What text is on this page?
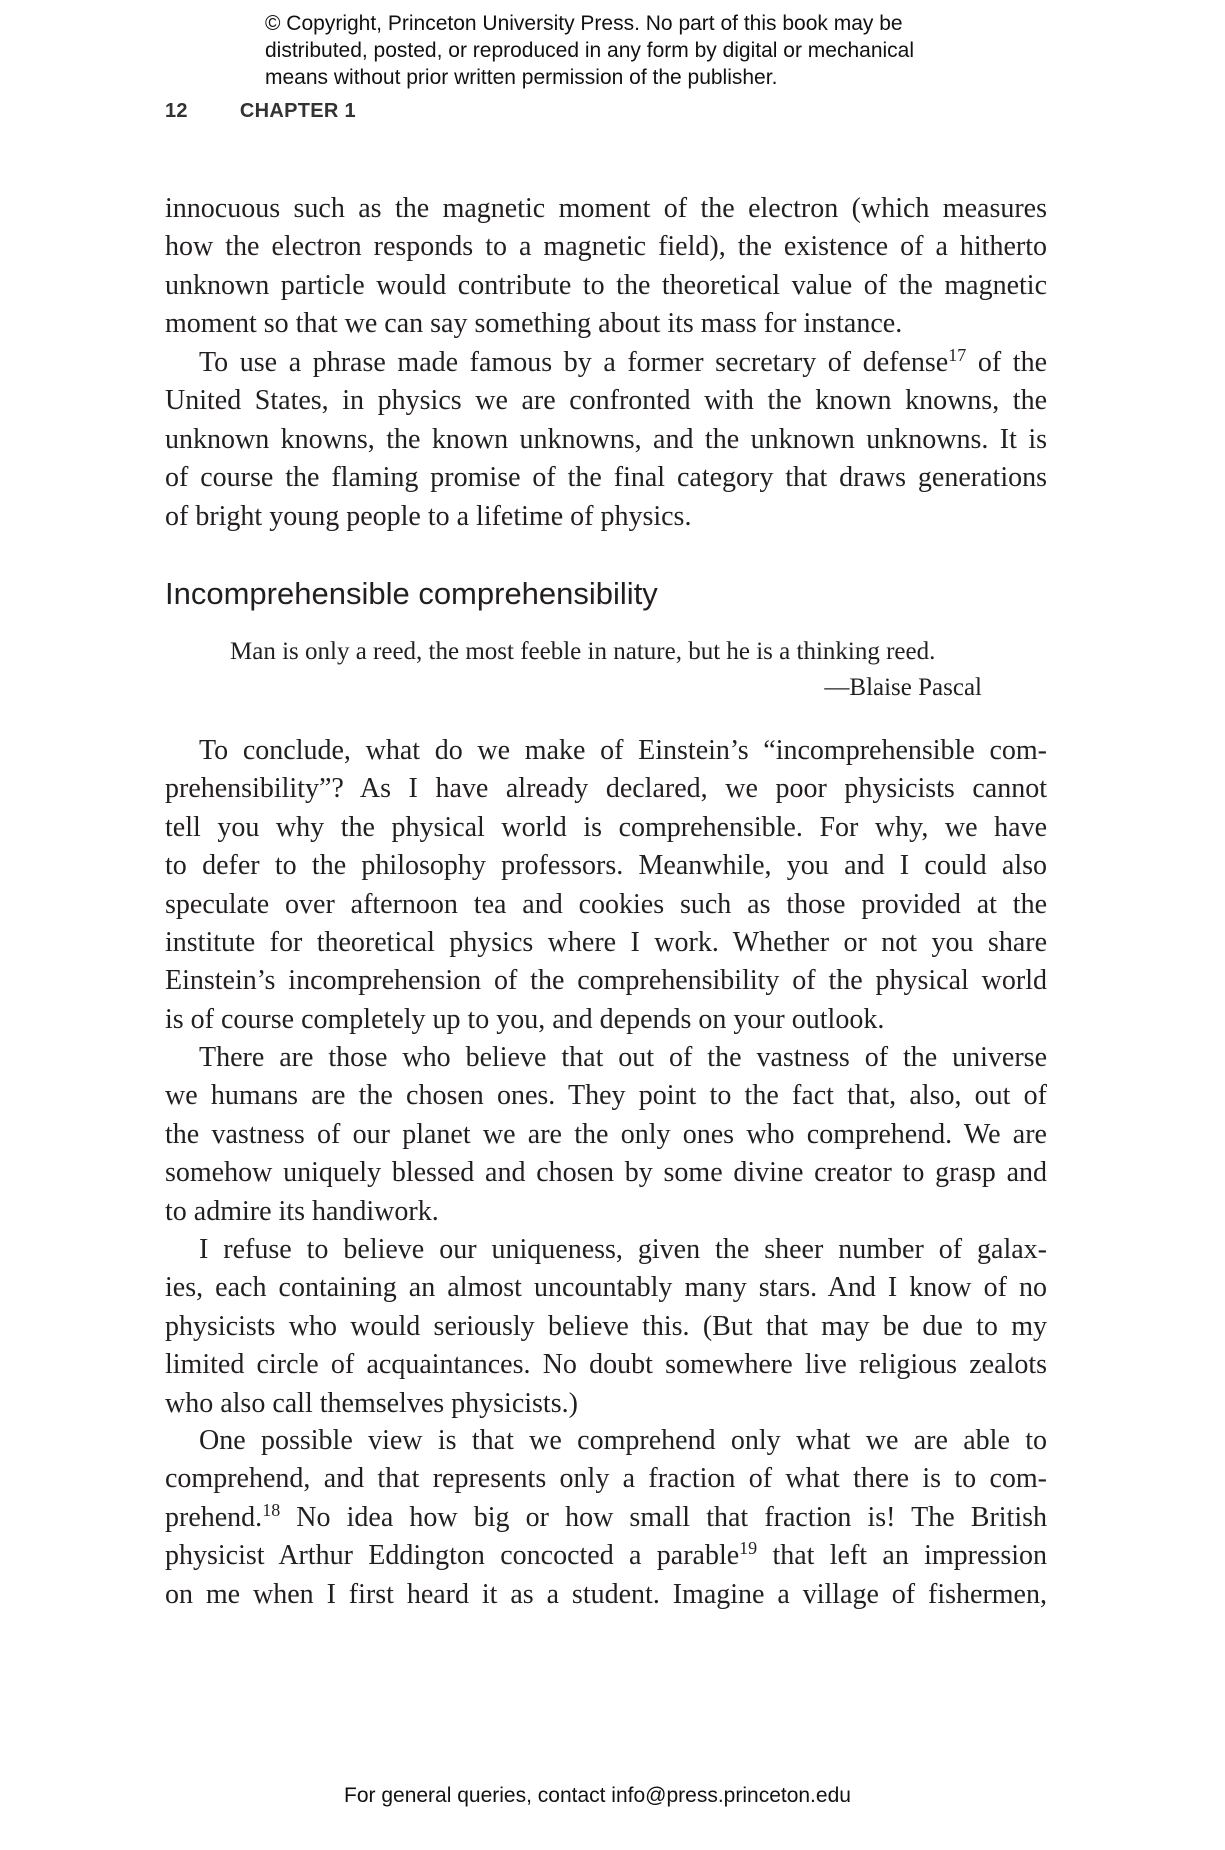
© Copyright, Princeton University Press. No part of this book may be
distributed, posted, or reproduced in any form by digital or mechanical
means without prior written permission of the publisher.
12	CHAPTER 1
innocuous such as the magnetic moment of the electron (which measures
how the electron responds to a magnetic field), the existence of a hitherto
unknown particle would contribute to the theoretical value of the magnetic
moment so that we can say something about its mass for instance.
To use a phrase made famous by a former secretary of defense$^{17}$ of the
United States, in physics we are confronted with the known knowns, the
unknown knowns, the known unknowns, and the unknown unknowns. It is
of course the flaming promise of the final category that draws generations
of bright young people to a lifetime of physics.
Incomprehensible comprehensibility
Man is only a reed, the most feeble in nature, but he is a thinking reed.
—Blaise Pascal
To conclude, what do we make of Einstein’s “incomprehensible com-
prehensibility”? As I have already declared, we poor physicists cannot
tell you why the physical world is comprehensible. For why, we have
to defer to the philosophy professors. Meanwhile, you and I could also
speculate over afternoon tea and cookies such as those provided at the
institute for theoretical physics where I work. Whether or not you share
Einstein’s incomprehension of the comprehensibility of the physical world
is of course completely up to you, and depends on your outlook.
There are those who believe that out of the vastness of the universe
we humans are the chosen ones. They point to the fact that, also, out of
the vastness of our planet we are the only ones who comprehend. We are
somehow uniquely blessed and chosen by some divine creator to grasp and
to admire its handiwork.
I refuse to believe our uniqueness, given the sheer number of galax-
ies, each containing an almost uncountably many stars. And I know of no
physicists who would seriously believe this. (But that may be due to my
limited circle of acquaintances. No doubt somewhere live religious zealots
who also call themselves physicists.)
One possible view is that we comprehend only what we are able to
comprehend, and that represents only a fraction of what there is to com-
prehend.$^{18}$ No idea how big or how small that fraction is! The British
physicist Arthur Eddington concocted a parable$^{19}$ that left an impression
on me when I first heard it as a student. Imagine a village of fishermen,
For general queries, contact info@press.princeton.edu
